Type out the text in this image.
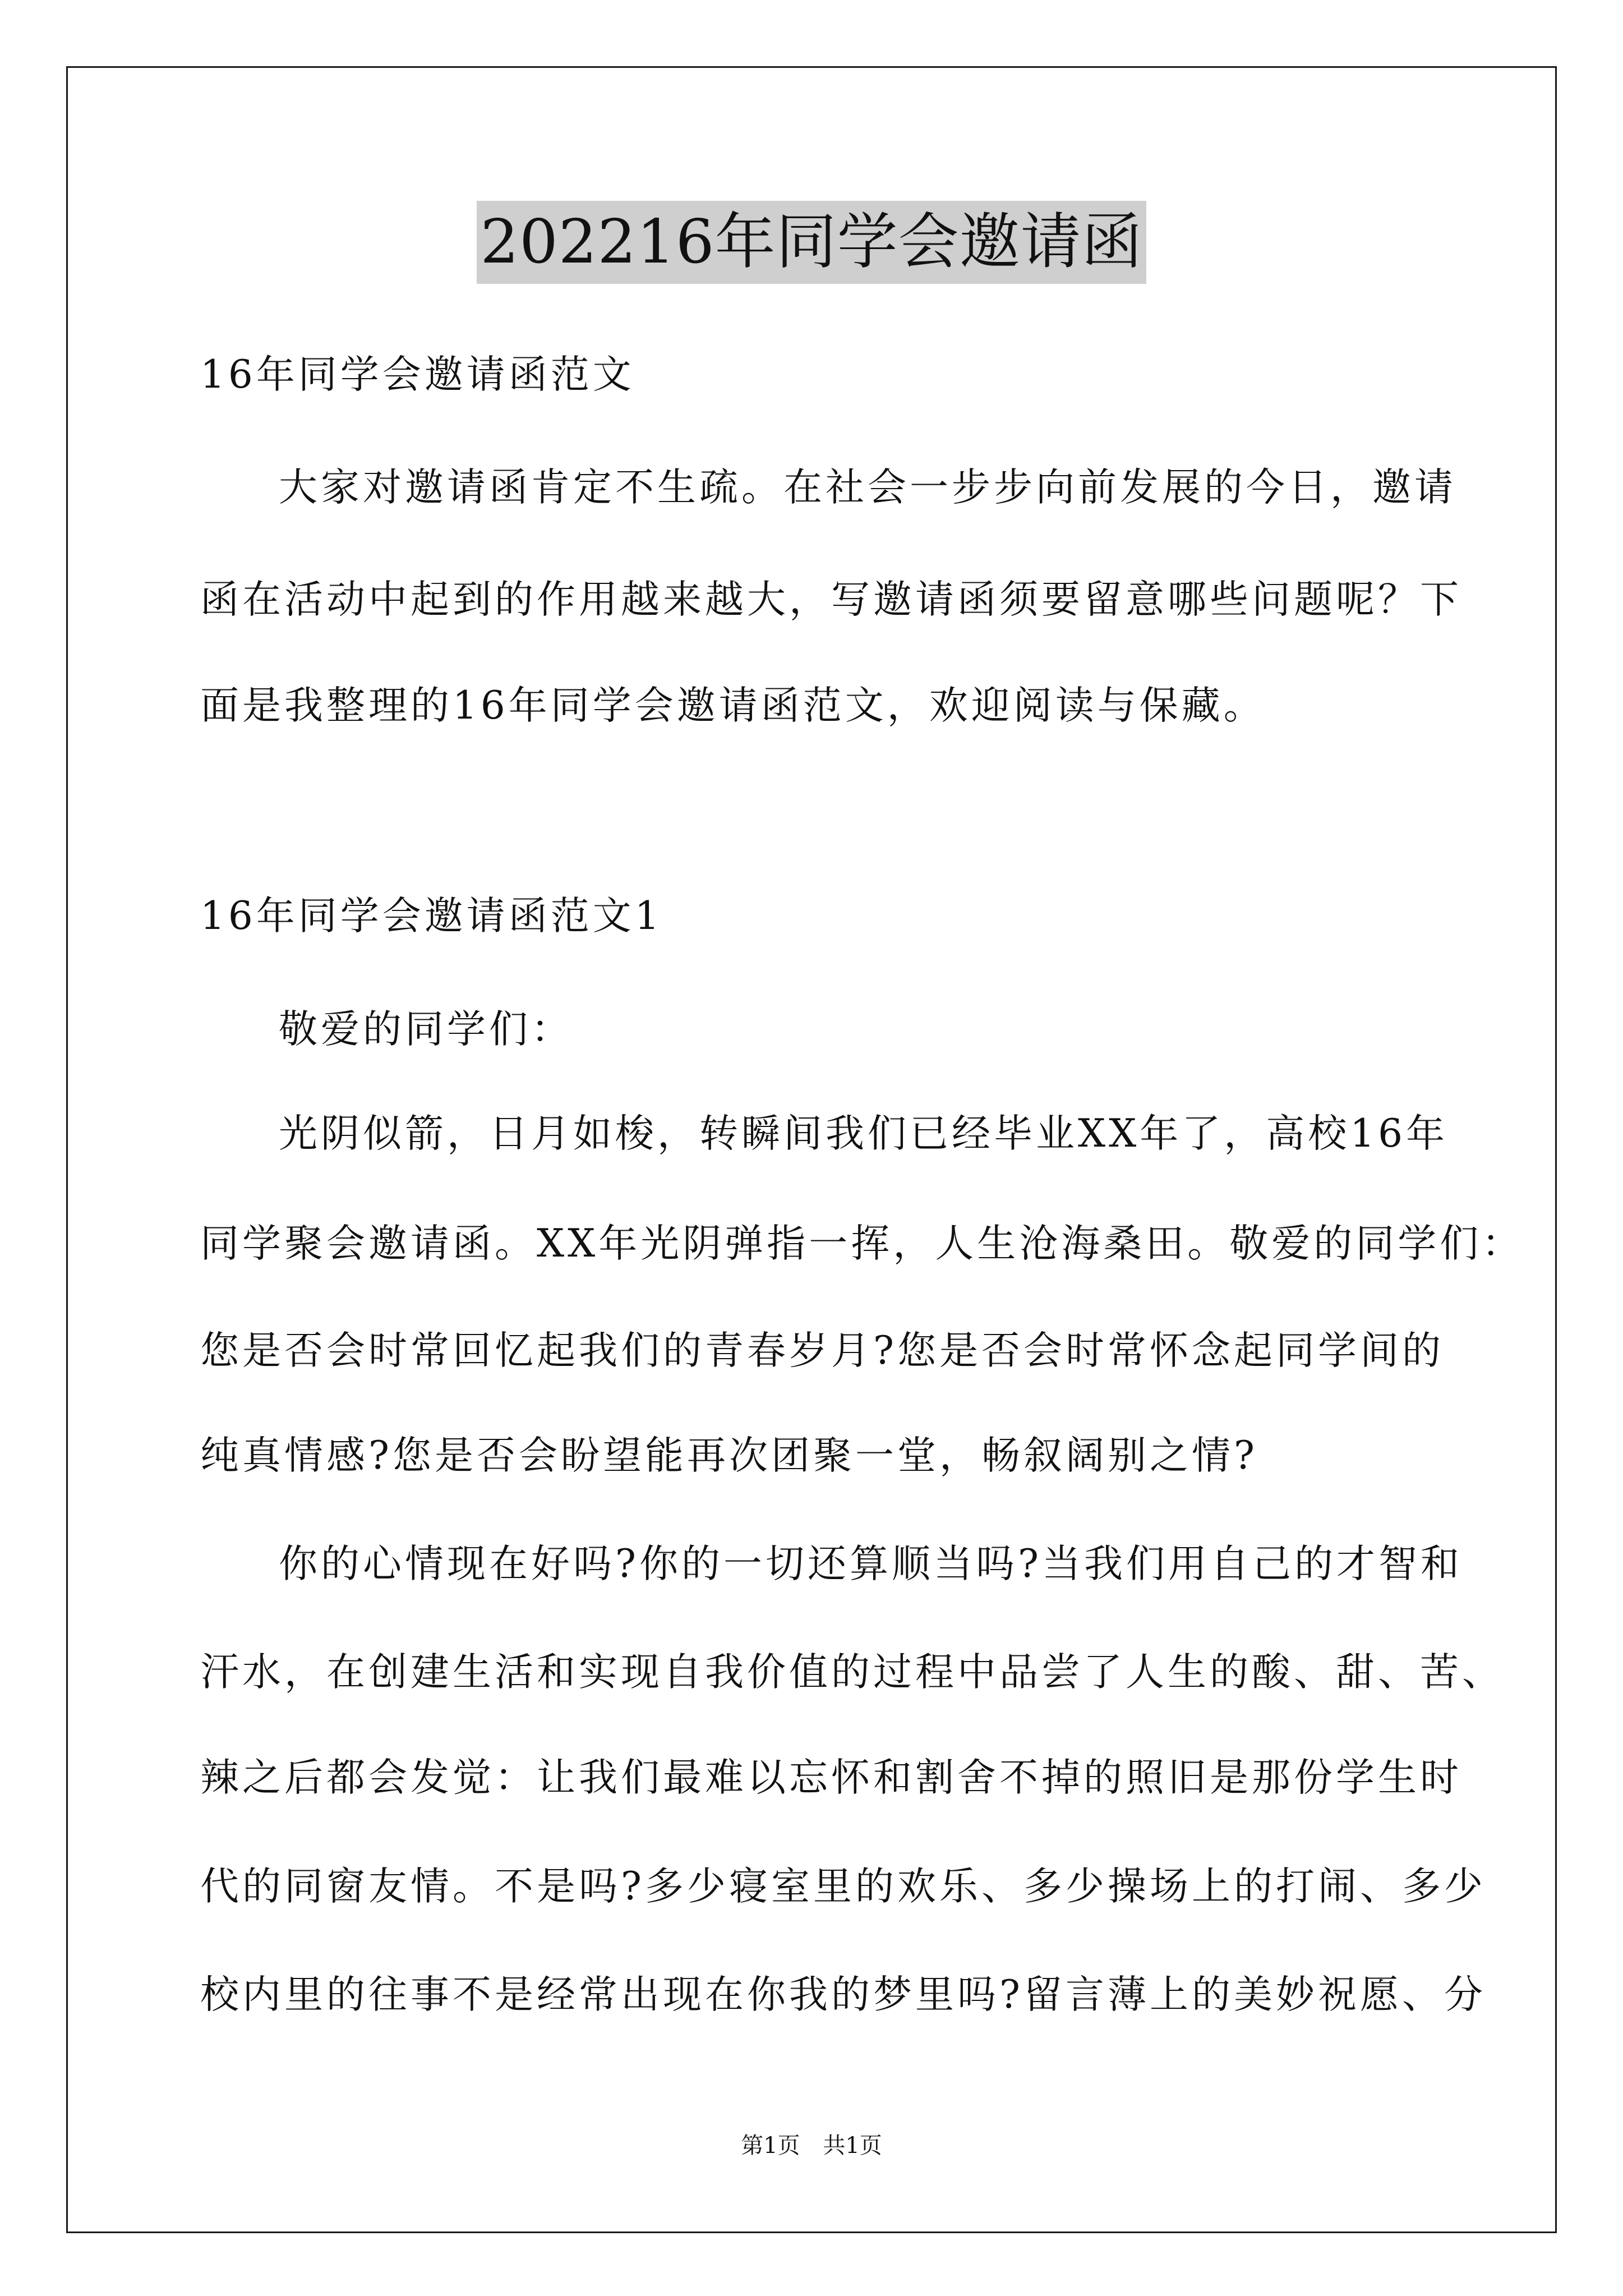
202216年同学会邀请函
16年同学会邀请函范文
大家对邀请函肯定不生疏。在社会一步步向前发展的今日，邀请
函在活动中起到的作用越来越大，写邀请函须要留意哪些问题呢？下
面是我整理的16年同学会邀请函范文，欢迎阅读与保藏。
16年同学会邀请函范文1
敬爱的同学们：
光阴似箭，日月如梭，转瞬间我们已经毕业XX年了，高校16年
同学聚会邀请函。XX年光阴弹指一挥，人生沧海桑田。敬爱的同学们：
您是否会时常回忆起我们的青春岁月?您是否会时常怀念起同学间的
纯真情感?您是否会盼望能再次团聚一堂，畅叙阔别之情?
你的心情现在好吗?你的一切还算顺当吗?当我们用自己的才智和
汗水，在创建生活和实现自我价值的过程中品尝了人生的酸、甜、苦、
辣之后都会发觉：让我们最难以忘怀和割舍不掉的照旧是那份学生时
代的同窗友情。不是吗?多少寝室里的欢乐、多少操场上的打闹、多少
校内里的往事不是经常出现在你我的梦里吗?留言薄上的美妙祝愿、分
第1页 共1页
